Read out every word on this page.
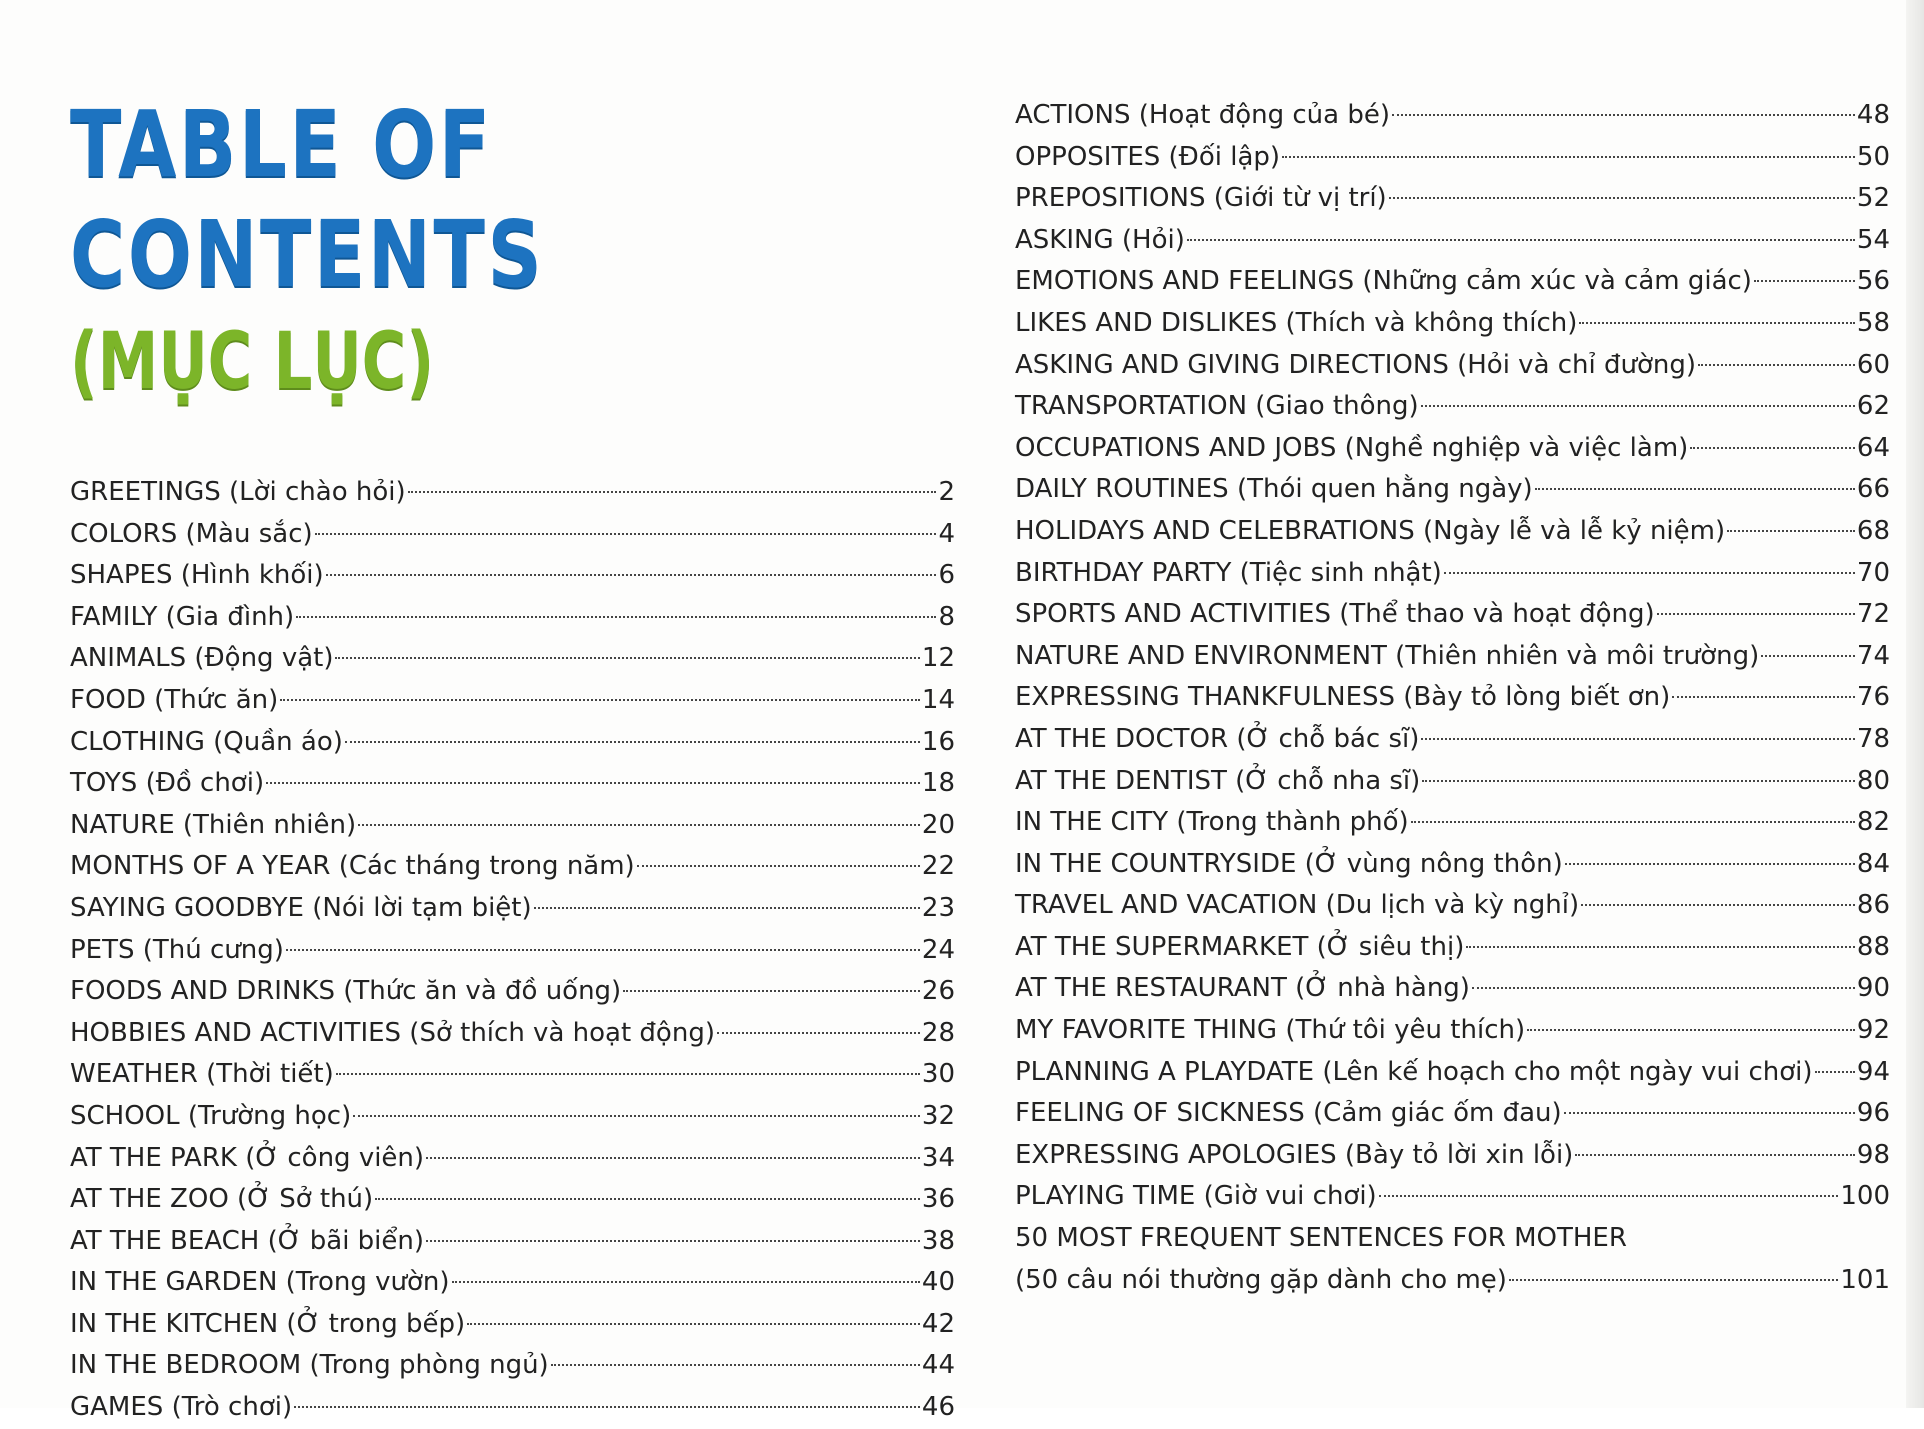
TABLE OF CONTENTS
(MỤC LỤC)
GREETINGS (Lời chào hỏi)	2
COLORS (Màu sắc)	4
SHAPES (Hình khối)	6
FAMILY (Gia đình)	8
ANIMALS (Động vật)	12
FOOD (Thức ăn)	14
CLOTHING (Quần áo)	16
TOYS (Đồ chơi)	18
NATURE (Thiên nhiên)	20
MONTHS OF A YEAR (Các tháng trong năm)	22
SAYING GOODBYE (Nói lời tạm biệt)	23
PETS (Thú cưng)	24
FOODS AND DRINKS (Thức ăn và đồ uống)	26
HOBBIES AND ACTIVITIES (Sở thích và hoạt động)	28
WEATHER (Thời tiết)	30
SCHOOL (Trường học)	32
AT THE PARK (Ở công viên)	34
AT THE ZOO (Ở Sở thú)	36
AT THE BEACH (Ở bãi biển)	38
IN THE GARDEN (Trong vườn)	40
IN THE KITCHEN (Ở trong bếp)	42
IN THE BEDROOM (Trong phòng ngủ)	44
GAMES (Trò chơi)	46
ACTIONS (Hoạt động của bé)	48
OPPOSITES (Đối lập)	50
PREPOSITIONS (Giới từ vị trí)	52
ASKING (Hỏi)	54
EMOTIONS AND FEELINGS (Những cảm xúc và cảm giác)	56
LIKES AND DISLIKES (Thích và không thích)	58
ASKING AND GIVING DIRECTIONS (Hỏi và chỉ đường)	60
TRANSPORTATION (Giao thông)	62
OCCUPATIONS AND JOBS (Nghề nghiệp và việc làm)	64
DAILY ROUTINES (Thói quen hằng ngày)	66
HOLIDAYS AND CELEBRATIONS (Ngày lễ và lễ kỷ niệm)	68
BIRTHDAY PARTY (Tiệc sinh nhật)	70
SPORTS AND ACTIVITIES (Thể thao và hoạt động)	72
NATURE AND ENVIRONMENT (Thiên nhiên và môi trường)	74
EXPRESSING THANKFULNESS (Bày tỏ lòng biết ơn)	76
AT THE DOCTOR (Ở chỗ bác sĩ)	78
AT THE DENTIST (Ở chỗ nha sĩ)	80
IN THE CITY (Trong thành phố)	82
IN THE COUNTRYSIDE (Ở vùng nông thôn)	84
TRAVEL AND VACATION (Du lịch và kỳ nghỉ)	86
AT THE SUPERMARKET (Ở siêu thị)	88
AT THE RESTAURANT (Ở nhà hàng)	90
MY FAVORITE THING (Thứ tôi yêu thích)	92
PLANNING A PLAYDATE (Lên kế hoạch cho một ngày vui chơi) 94
FEELING OF SICKNESS (Cảm giác ốm đau)	96
EXPRESSING APOLOGIES (Bày tỏ lời xin lỗi)	98
PLAYING TIME (Giờ vui chơi)	100
50 MOST FREQUENT SENTENCES FOR MOTHER
(50 câu nói thường gặp dành cho mẹ)	101
